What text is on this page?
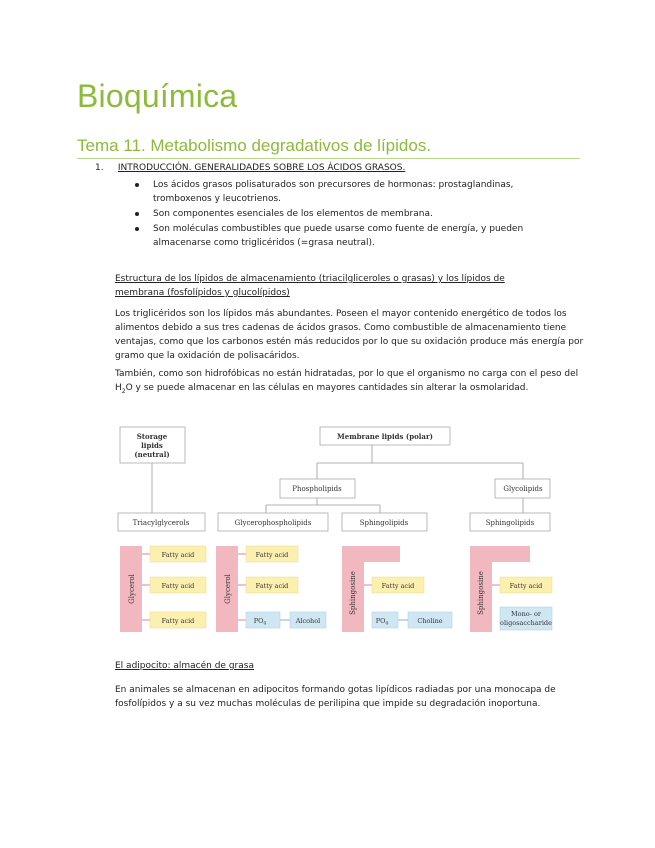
Bioquímica
Tema 11. Metabolismo degradativos de lípidos.
1. INTRODUCCIÓN. GENERALIDADES SOBRE LOS ÁCIDOS GRASOS.
Los ácidos grasos polisaturados son precursores de hormonas: prostaglandinas, tromboxenos y leucotrienos.
Son componentes esenciales de los elementos de membrana.
Son moléculas combustibles que puede usarse como fuente de energía, y pueden almacenarse como triglicéridos (=grasa neutral).
Estructura de los lípidos de almacenamiento (triacilgliceroles o grasas) y los lípidos de membrana (fosfolípidos y glucolípidos)
Los triglicéridos son los lípidos más abundantes. Poseen el mayor contenido energético de todos los alimentos debido a sus tres cadenas de ácidos grasos. Como combustible de almacenamiento tiene ventajas, como que los carbonos estén más reducidos por lo que su oxidación produce más energía por gramo que la oxidación de polisacáridos.
También, como son hidrofóbicas no están hidratadas, por lo que el organismo no carga con el peso del $H_2O$ y se puede almacenar en las células en mayores cantidades sin alterar la osmolaridad.
Storage
lipids
(neutral)
Membrane lipids (polar)
Phospholipids	Glycolipids
Triacylglycerols	Glycerophospholipids	Sphingolipids	Sphingolipids
Glycerol
Fatty acid
Fatty acid
Fatty acid
Glycerol
Fatty acid
Fatty acid
$PO_4$	Alcohol
Sphingosine	Fatty acid
$PO_4$	Choline
Sphingosine	Fatty acid
Mono- or
oligosaccharide
El adipocito: almacén de grasa
En animales se almacenan en adipocitos formando gotas lipídicos radiadas por una monocapa de fosfolípidos y a su vez muchas moléculas de perilipina que impide su degradación inoportuna.
